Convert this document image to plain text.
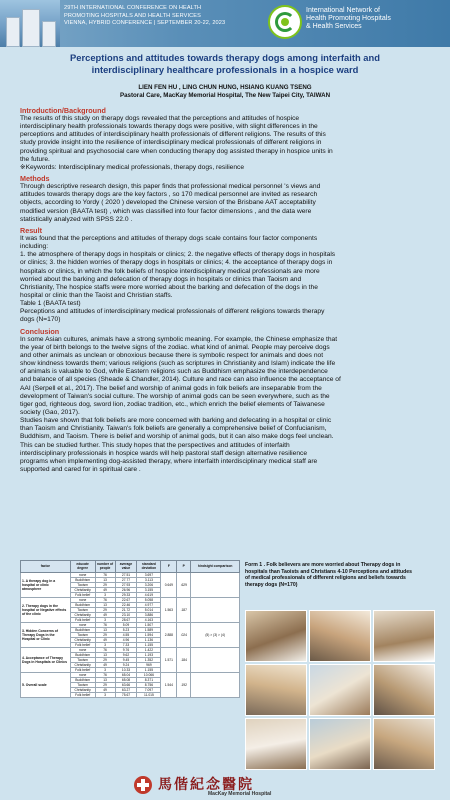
29TH INTERNATIONAL CONFERENCE ON HEALTH
PROMOTING HOSPITALS AND HEALTH SERVICES
VIENNA, HYBRID CONFERENCE | SEPTEMBER 20-22, 2023
International Network of
Health Promoting Hospitals
& Health Services
Perceptions and attitudes towards therapy dogs among interfaith and
interdisciplinary healthcare professionals in a hospice ward
LIEN FEN HU , LING CHUN HUNG, HSIANG KUANG TSENG
Pastoral Care, MacKay Memorial Hospital, The New Taipei City, TAIWAN
Introduction/Background
The results of this study on therapy dogs revealed that the perceptions and attitudes of hospice
interdisciplinary health professionals towards therapy dogs were positive, with slight differences in the
perceptions and attitudes of interdisciplinary health professionals of different religions. The results of this
study provide insight into the resilience of interdisciplinary medical professionals of different religions in
providing spiritual and psychosocial care when conducting therapy dog assisted therapy in hospice units in
the future.
※Keywords: Interdisciplinary medical professionals, therapy dogs, resilience
Methods
Through descriptive research design, this paper finds that professional medical personnel 's views and
attitudes towards therapy dogs are the key factors , so 170 medical personnel are invited as research
objects, according to Yordy ( 2020 ) developed the Chinese version of the Brisbane AAT acceptability
modified version (BAATA test) , which was classified into four factor dimensions , and the data were
statistically analyzed with SPSS 22.0 .
Result
It was found that the perceptions and attitudes of therapy dogs scale contains four factor components
including:
1. the atmosphere of therapy dogs in hospitals or clinics; 2. the negative effects of therapy dogs in hospitals
or clinics; 3. the hidden worries of therapy dogs in hospitals or clinics; 4. the acceptance of therapy dogs in
hospitals or clinics, in which the folk beliefs of hospice interdisciplinary medical professionals are more
worried about the barking and defecation of therapy dogs in hospitals or clinics than Taoism and
Christianity, The hospice staffs were more worried about the barking and defecation of the dogs in the
hospital or clinic than the Taoist and Christian staffs.
Table 1 (BAATA test)
Perceptions and attitudes of interdisciplinary medical professionals of different religions towards therapy
dogs (N=170)
Conclusion
In some Asian cultures, animals have a strong symbolic meaning. For example, the Chinese emphasize that
the year of birth belongs to the twelve signs of the zodiac. what kind of animal. People may perceive dogs
and other animals as unclean or obnoxious because there is symbolic respect for animals and does not
show kindness towards them; various religions (such as scriptures in Christianity and Islam) indicate the life
of animals is valuable to God, while Eastern religions such as Buddhism emphasize the interdependence
and balance of all species (Sheade & Chandler, 2014). Culture and race can also influence the acceptance of
AAI (Serpell et al., 2017). The belief and worship of animal gods in folk beliefs are inseparable from the
development of Taiwan's social culture. The worship of animal gods can be seen everywhere, such as the
tiger god, righteous dog, sword lion, zodiac tradition, etc., which enrich the belief elements of Taiwanese
society (Gao, 2017).
Studies have shown that folk beliefs are more concerned with barking and defecating in a hospital or clinic
than Taoism and Christianity. Taiwan's folk beliefs are generally a comprehensive belief of Confucianism,
Buddhism, and Taoism. There is belief and worship of animal gods, but it can also make dogs feel unclean.
This can be studied further. This study hopes that the perspectives and attitudes of interfaith
interdisciplinary professionals in hospice wards will help pastoral staff design alternative resilience
programs when implementing dog-assisted therapy, where interfaith interdisciplinary medical staff are
supported and cared for in spiritual care .
factor	educate degree	number of people	average value	standard deviation	F	P	hindsight comparison
1. A therapy dog in a hospital or clinic atmosphere	none	76	27.51	3.697	0.649	.629	
	Buddhism	13	27.77	3.113			
	Taoism	29	27.93	3.206			
	Christianity	49	26.96	3.155			
	Folk belief	3	29.33	4.619			
2. Therapy dogs in the hospital or Negative effects of the clinic	none	76	22.67	5.058	1.563	.187	
	Buddhism	13	22.46	4.977			
	Taoism	29	21.72	5.014			
	Christianity	49	23.10	3.886			
	Folk belief	3	28.67	4.163			
3. Hidden Concerns of Therapy Dogs in the Hospital or Clinic	none	76	5.09	1.507	2.888	.024	(5) > (3) > (4)
	Buddhism	13	5.23	1.589			
	Taoism	29	4.55	1.594			
	Christianity	49	4.96	1.136			
	Folk belief	3	7.33	1.155			
4. Acceptance of Therapy Dogs in Hospitals or Clinics	none	76	9.76	1.422	1.571	.184	
	Buddhism	13	9.62	1.193			
	Taoism	29	9.45	1.352			
	Christianity	49	9.24	969			
	Folk belief	3	10.33	1.155			
5. Overall scale	none	76	65.04	10.066	1.544	.192	
	Buddhism	13	65.08	8.371			
	Taoism	29	63.66	8.756			
	Christianity	49	63.27	7.097			
	Folk belief	3	75.67	11.015			
Form 1 . Folk believers are more worried about Therapy dogs in
hospitals than Taoists and Christians 4-10 Perceptions and attitudes
of medical professionals of different religions and beliefs towards
therapy dogs (N=170)
馬偕紀念醫院
MacKay Memorial Hospital
